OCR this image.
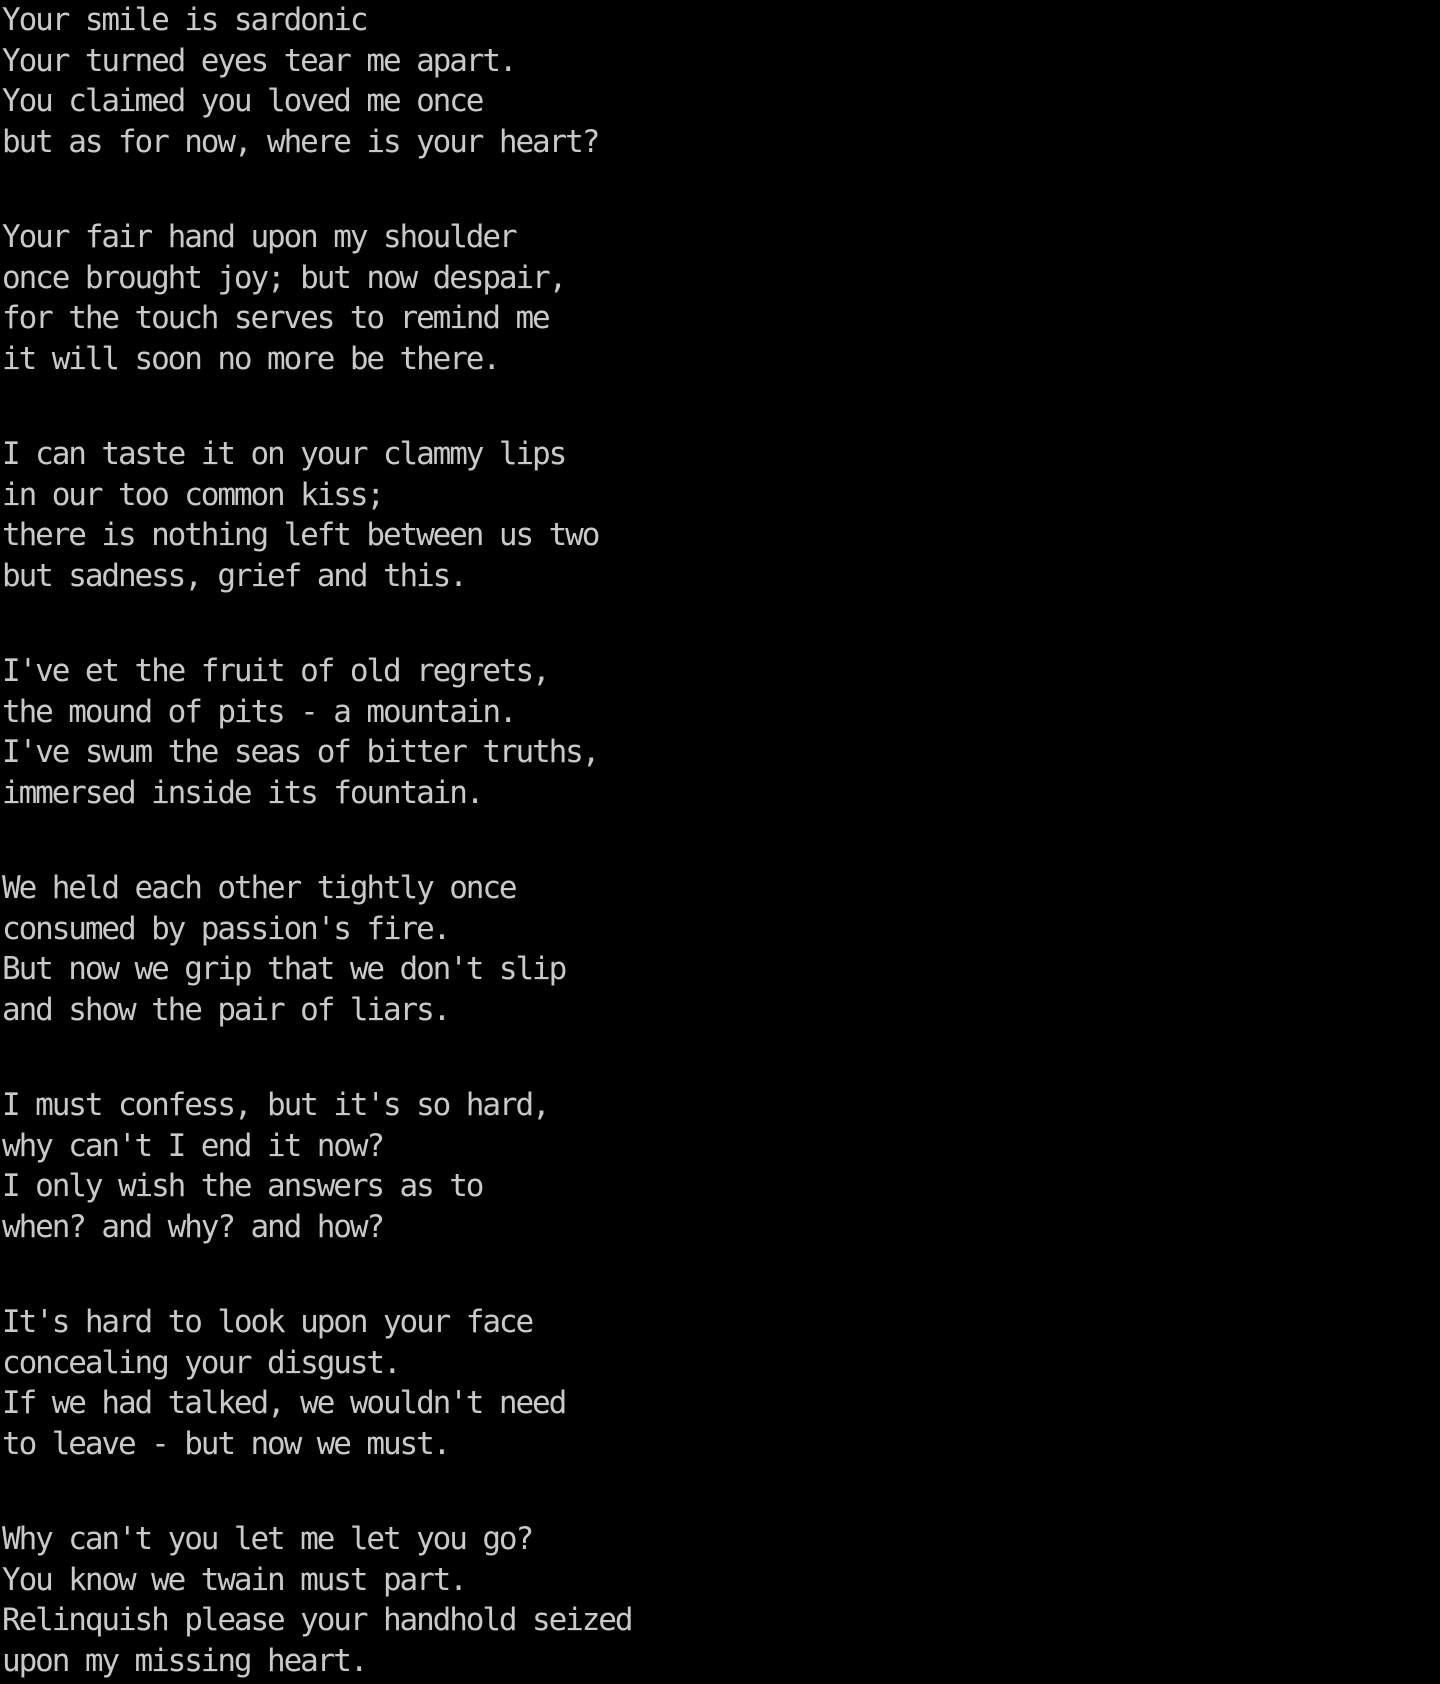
Your smile is sardonic
Your turned eyes tear me apart.
You claimed you loved me once
but as for now, where is your heart?
Your fair hand upon my shoulder
once brought joy; but now despair,
for the touch serves to remind me
it will soon no more be there.
I can taste it on your clammy lips
in our too common kiss;
there is nothing left between us two
but sadness, grief and this.
I've et the fruit of old regrets,
the mound of pits - a mountain.
I've swum the seas of bitter truths,
immersed inside its fountain.
We held each other tightly once
consumed by passion's fire.
But now we grip that we don't slip
and show the pair of liars.
I must confess, but it's so hard,
why can't I end it now?
I only wish the answers as to
when? and why? and how?
It's hard to look upon your face
concealing your disgust.
If we had talked, we wouldn't need
to leave - but now we must.
Why can't you let me let you go?
You know we twain must part.
Relinquish please your handhold seized
upon my missing heart.
